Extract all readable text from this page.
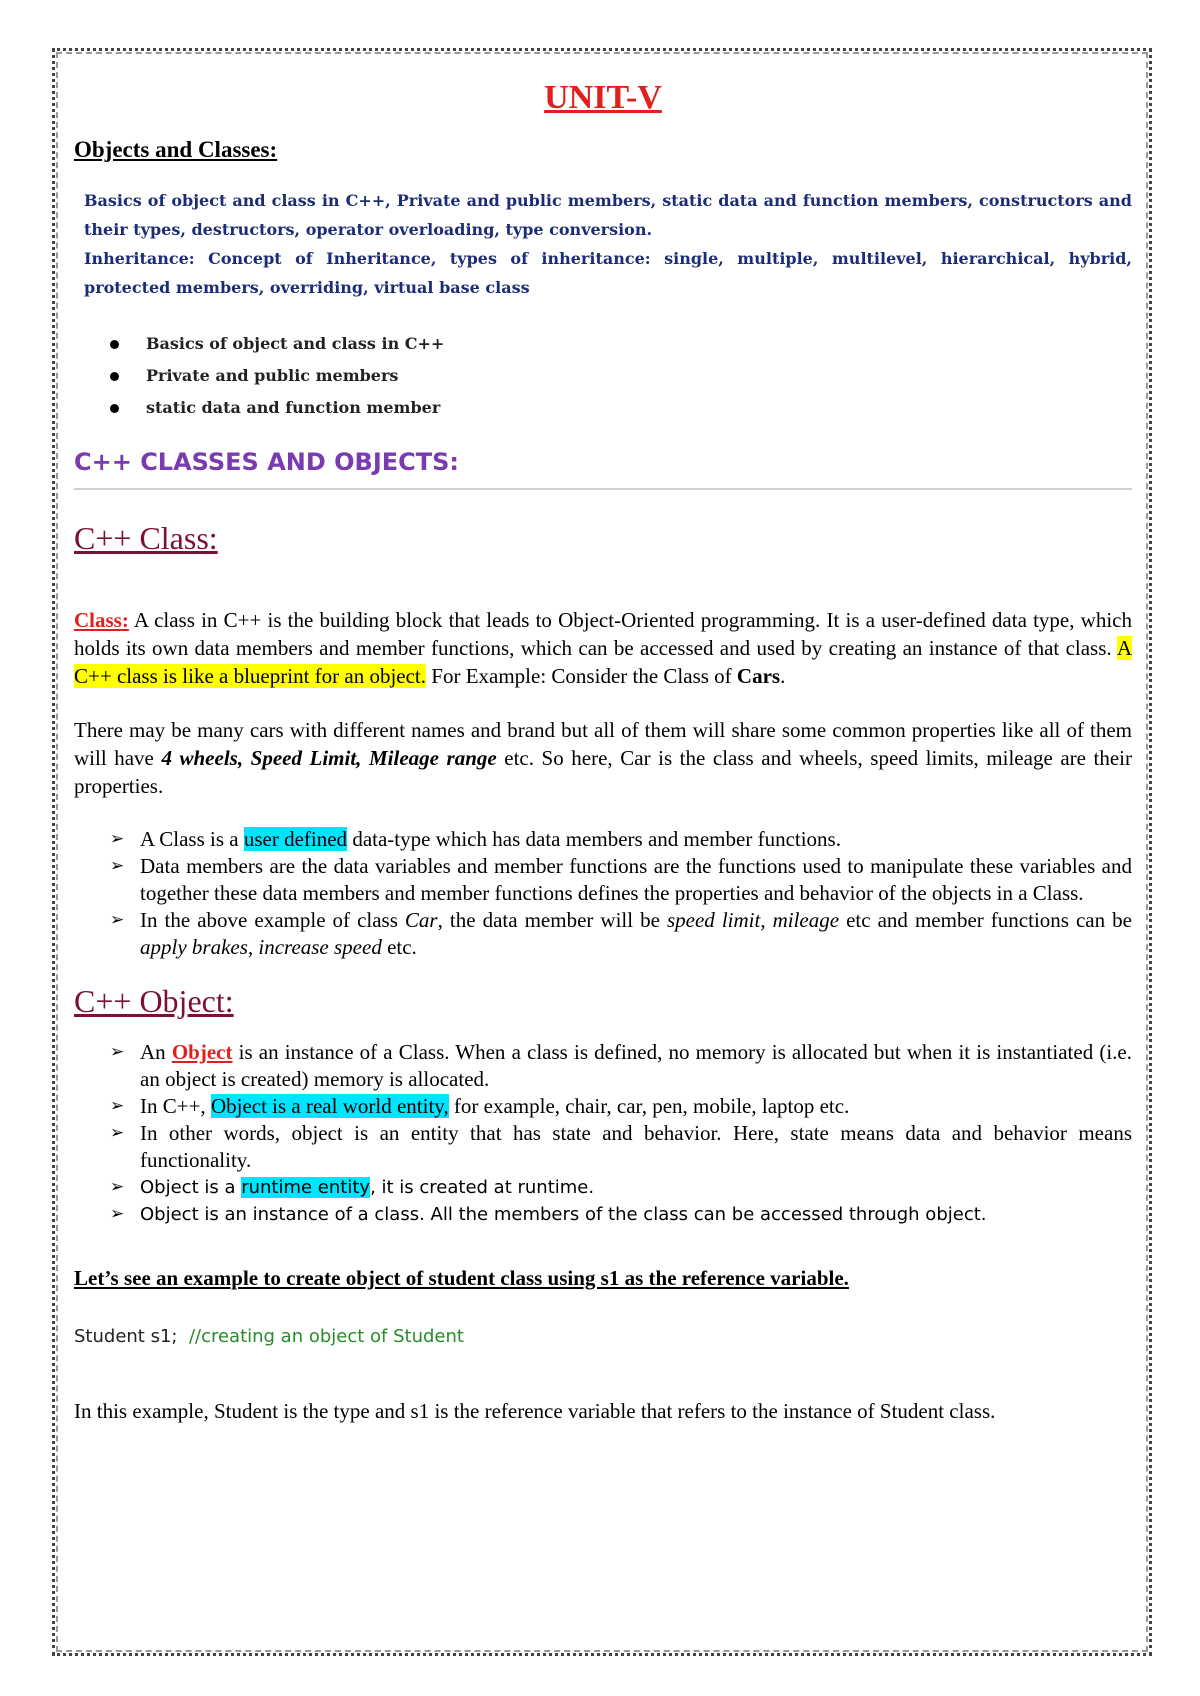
UNIT-V
Objects and Classes:
Basics of object and class in C++, Private and public members, static data and function members, constructors and their types, destructors, operator overloading, type conversion.
Inheritance: Concept of Inheritance, types of inheritance: single, multiple, multilevel, hierarchical, hybrid, protected members, overriding, virtual base class
Basics of object and class in C++
Private and public members
static data and function member
C++ CLASSES AND OBJECTS:
C++ Class:
Class: A class in C++ is the building block that leads to Object-Oriented programming. It is a user-defined data type, which holds its own data members and member functions, which can be accessed and used by creating an instance of that class. A C++ class is like a blueprint for an object. For Example: Consider the Class of Cars.
There may be many cars with different names and brand but all of them will share some common properties like all of them will have 4 wheels, Speed Limit, Mileage range etc. So here, Car is the class and wheels, speed limits, mileage are their properties.
➢ A Class is a user defined data-type which has data members and member functions.
➢ Data members are the data variables and member functions are the functions used to manipulate these variables and together these data members and member functions defines the properties and behavior of the objects in a Class.
➢ In the above example of class Car, the data member will be speed limit, mileage etc and member functions can be apply brakes, increase speed etc.
C++ Object:
➢ An Object is an instance of a Class. When a class is defined, no memory is allocated but when it is instantiated (i.e. an object is created) memory is allocated.
➢ In C++, Object is a real world entity, for example, chair, car, pen, mobile, laptop etc.
➢ In other words, object is an entity that has state and behavior. Here, state means data and behavior means functionality.
➢ Object is a runtime entity, it is created at runtime.
➢ Object is an instance of a class. All the members of the class can be accessed through object.
Let’s see an example to create object of student class using s1 as the reference variable.
Student s1; //creating an object of Student
In this example, Student is the type and s1 is the reference variable that refers to the instance of Student class.
